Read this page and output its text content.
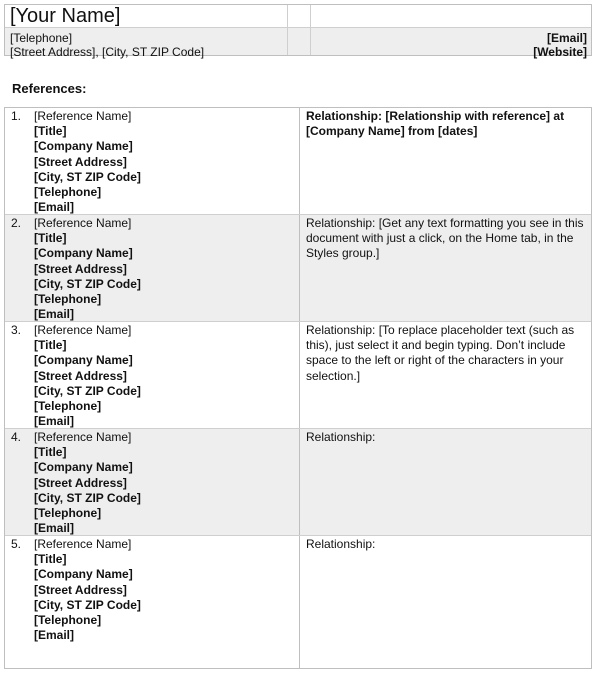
[Your Name]
[Telephone]
[Street Address], [City, ST ZIP Code]
[Email]
[Website]
References:
1. [Reference Name]
[Title]
[Company Name]
[Street Address]
[City, ST ZIP Code]
[Telephone]
[Email]
Relationship: [Relationship with reference] at [Company Name] from [dates]
2. [Reference Name]
[Title]
[Company Name]
[Street Address]
[City, ST ZIP Code]
[Telephone]
[Email]
Relationship: [Get any text formatting you see in this document with just a click, on the Home tab, in the Styles group.]
3. [Reference Name]
[Title]
[Company Name]
[Street Address]
[City, ST ZIP Code]
[Telephone]
[Email]
Relationship: [To replace placeholder text (such as this), just select it and begin typing. Don’t include space to the left or right of the characters in your selection.]
4. [Reference Name]
[Title]
[Company Name]
[Street Address]
[City, ST ZIP Code]
[Telephone]
[Email]
Relationship:
5. [Reference Name]
[Title]
[Company Name]
[Street Address]
[City, ST ZIP Code]
[Telephone]
[Email]
Relationship:
